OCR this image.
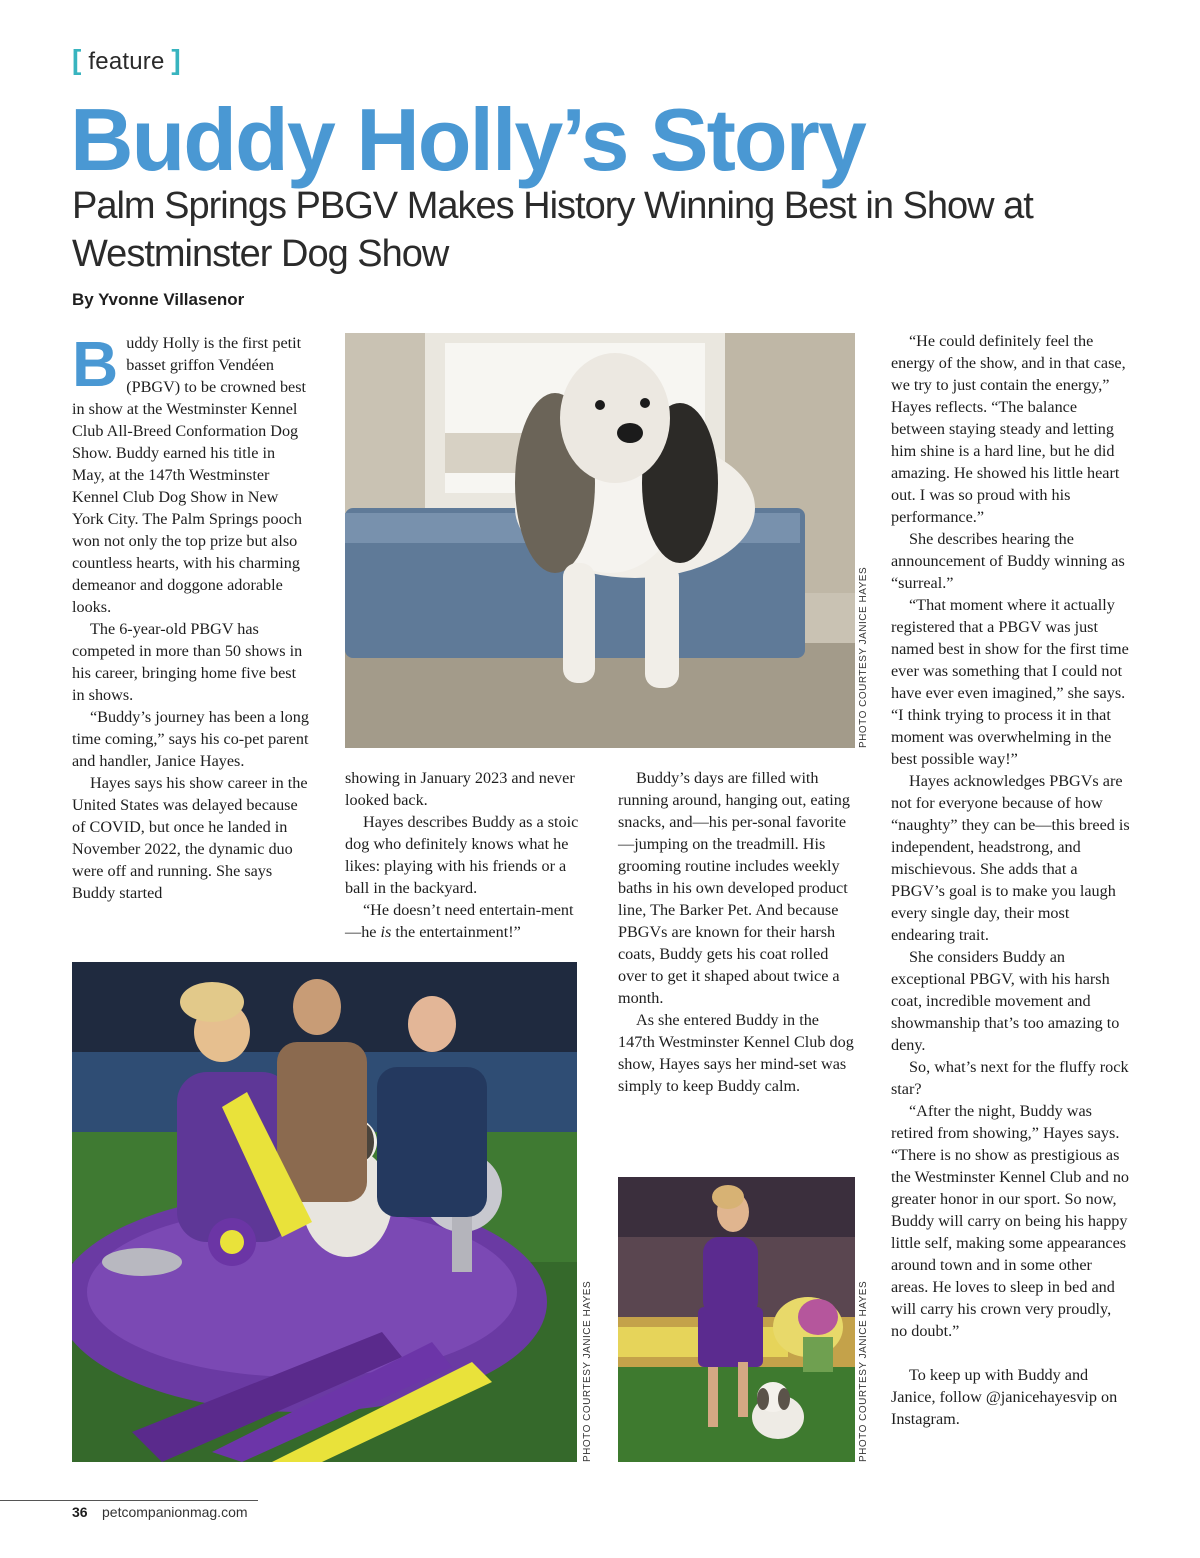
[ feature ]
Buddy Holly’s Story
Palm Springs PBGV Makes History Winning Best in Show at Westminster Dog Show
By Yvonne Villasenor

Buddy Holly is the first petit basset griffon Vendéen (PBGV) to be crowned best in show at the Westminster Kennel Club All-Breed Conformation Dog Show. Buddy earned his title in May, at the 147th Westminster Kennel Club Dog Show in New York City. The Palm Springs pooch won not only the top prize but also countless hearts, with his charming demeanor and doggone adorable looks.

The 6-year-old PBGV has competed in more than 50 shows in his career, bringing home five best in shows.

“Buddy’s journey has been a long time coming,” says his co-pet parent and handler, Janice Hayes.

Hayes says his show career in the United States was delayed because of COVID, but once he landed in November 2022, the dynamic duo were off and running. She says Buddy started

PHOTO COURTESY JANICE HAYES

showing in January 2023 and never looked back.

Hayes describes Buddy as a stoic dog who definitely knows what he likes: playing with his friends or a ball in the backyard.

“He doesn’t need entertain-ment—he is the entertainment!”

Buddy’s days are filled with running around, hanging out, eating snacks, and—his per-sonal favorite—jumping on the treadmill. His grooming routine includes weekly baths in his own developed product line, The Barker Pet. And because PBGVs are known for their harsh coats, Buddy gets his coat rolled over to get it shaped about twice a month.

As she entered Buddy in the 147th Westminster Kennel Club dog show, Hayes says her mind-set was simply to keep Buddy calm.

PHOTO COURTESY JANICE HAYES	PHOTO COURTESY JANICE HAYES

“He could definitely feel the energy of the show, and in that case, we try to just contain the energy,” Hayes reflects. “The balance between staying steady and letting him shine is a hard line, but he did amazing. He showed his little heart out. I was so proud with his performance.”

She describes hearing the announcement of Buddy winning as “surreal.”

“That moment where it actually registered that a PBGV was just named best in show for the first time ever was something that I could not have ever even imagined,” she says. “I think trying to process it in that moment was overwhelming in the best possible way!”

Hayes acknowledges PBGVs are not for everyone because of how “naughty” they can be—this breed is independent, headstrong, and mischievous. She adds that a PBGV’s goal is to make you laugh every single day, their most endearing trait.

She considers Buddy an exceptional PBGV, with his harsh coat, incredible movement and showmanship that’s too amazing to deny.

So, what’s next for the fluffy rock star?

“After the night, Buddy was retired from showing,” Hayes says. “There is no show as prestigious as the Westminster Kennel Club and no greater honor in our sport. So now, Buddy will carry on being his happy little self, making some appearances around town and in some other areas. He loves to sleep in bed and will carry his crown very proudly, no doubt.”

To keep up with Buddy and Janice, follow @janicehayesvip on Instagram.

36 petcompanionmag.com
